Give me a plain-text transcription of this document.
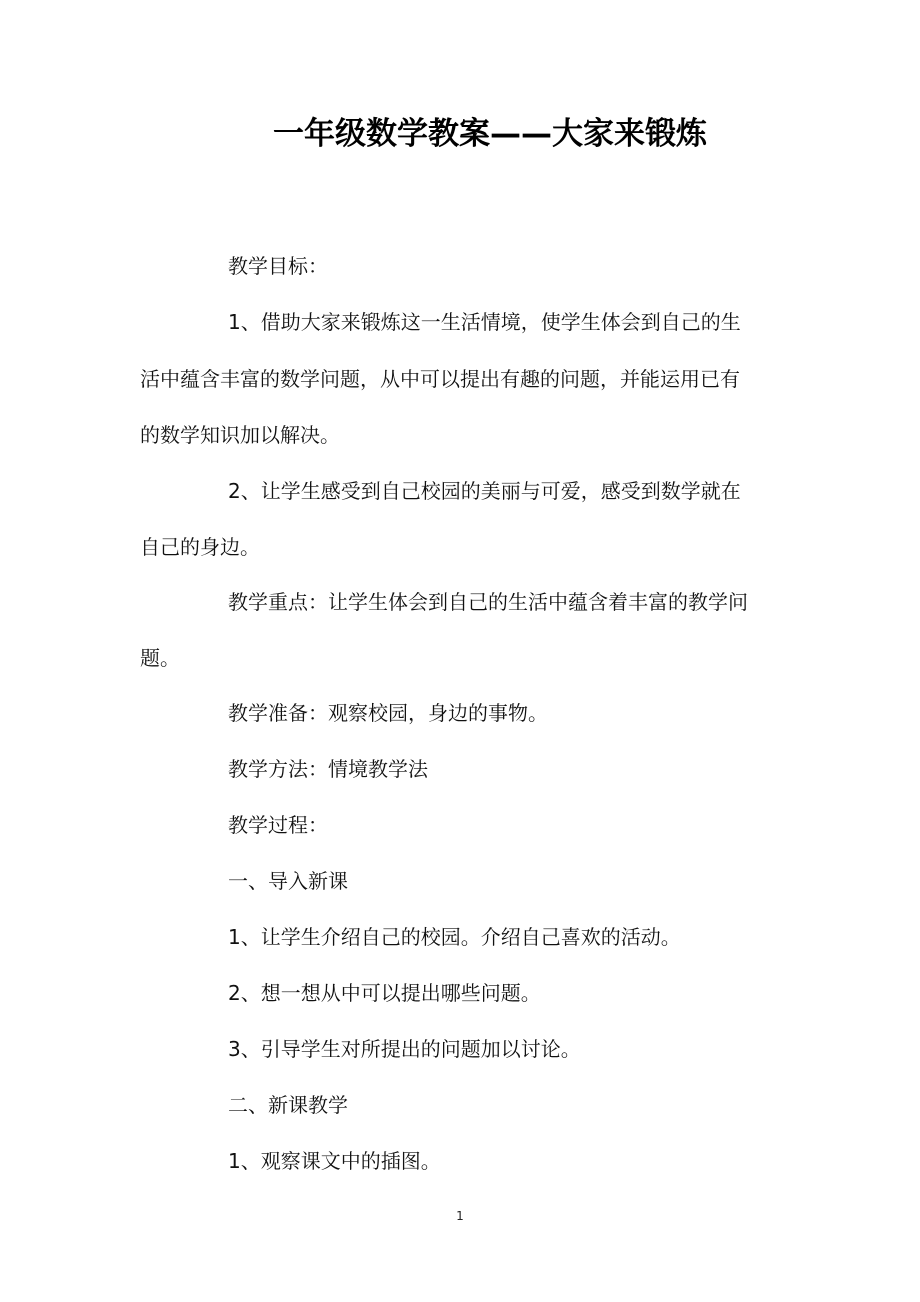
一年级数学教案——大家来锻炼
教学目标：
1、借助大家来锻炼这一生活情境，使学生体会到自己的生
活中蕴含丰富的数学问题，从中可以提出有趣的问题，并能运用已有
的数学知识加以解决。
2、让学生感受到自己校园的美丽与可爱，感受到数学就在
自己的身边。
教学重点：让学生体会到自己的生活中蕴含着丰富的教学问
题。
教学准备：观察校园，身边的事物。
教学方法：情境教学法
教学过程：
一、导入新课
1、让学生介绍自己的校园。介绍自己喜欢的活动。
2、想一想从中可以提出哪些问题。
3、引导学生对所提出的问题加以讨论。
二、新课教学
1、观察课文中的插图。
1
